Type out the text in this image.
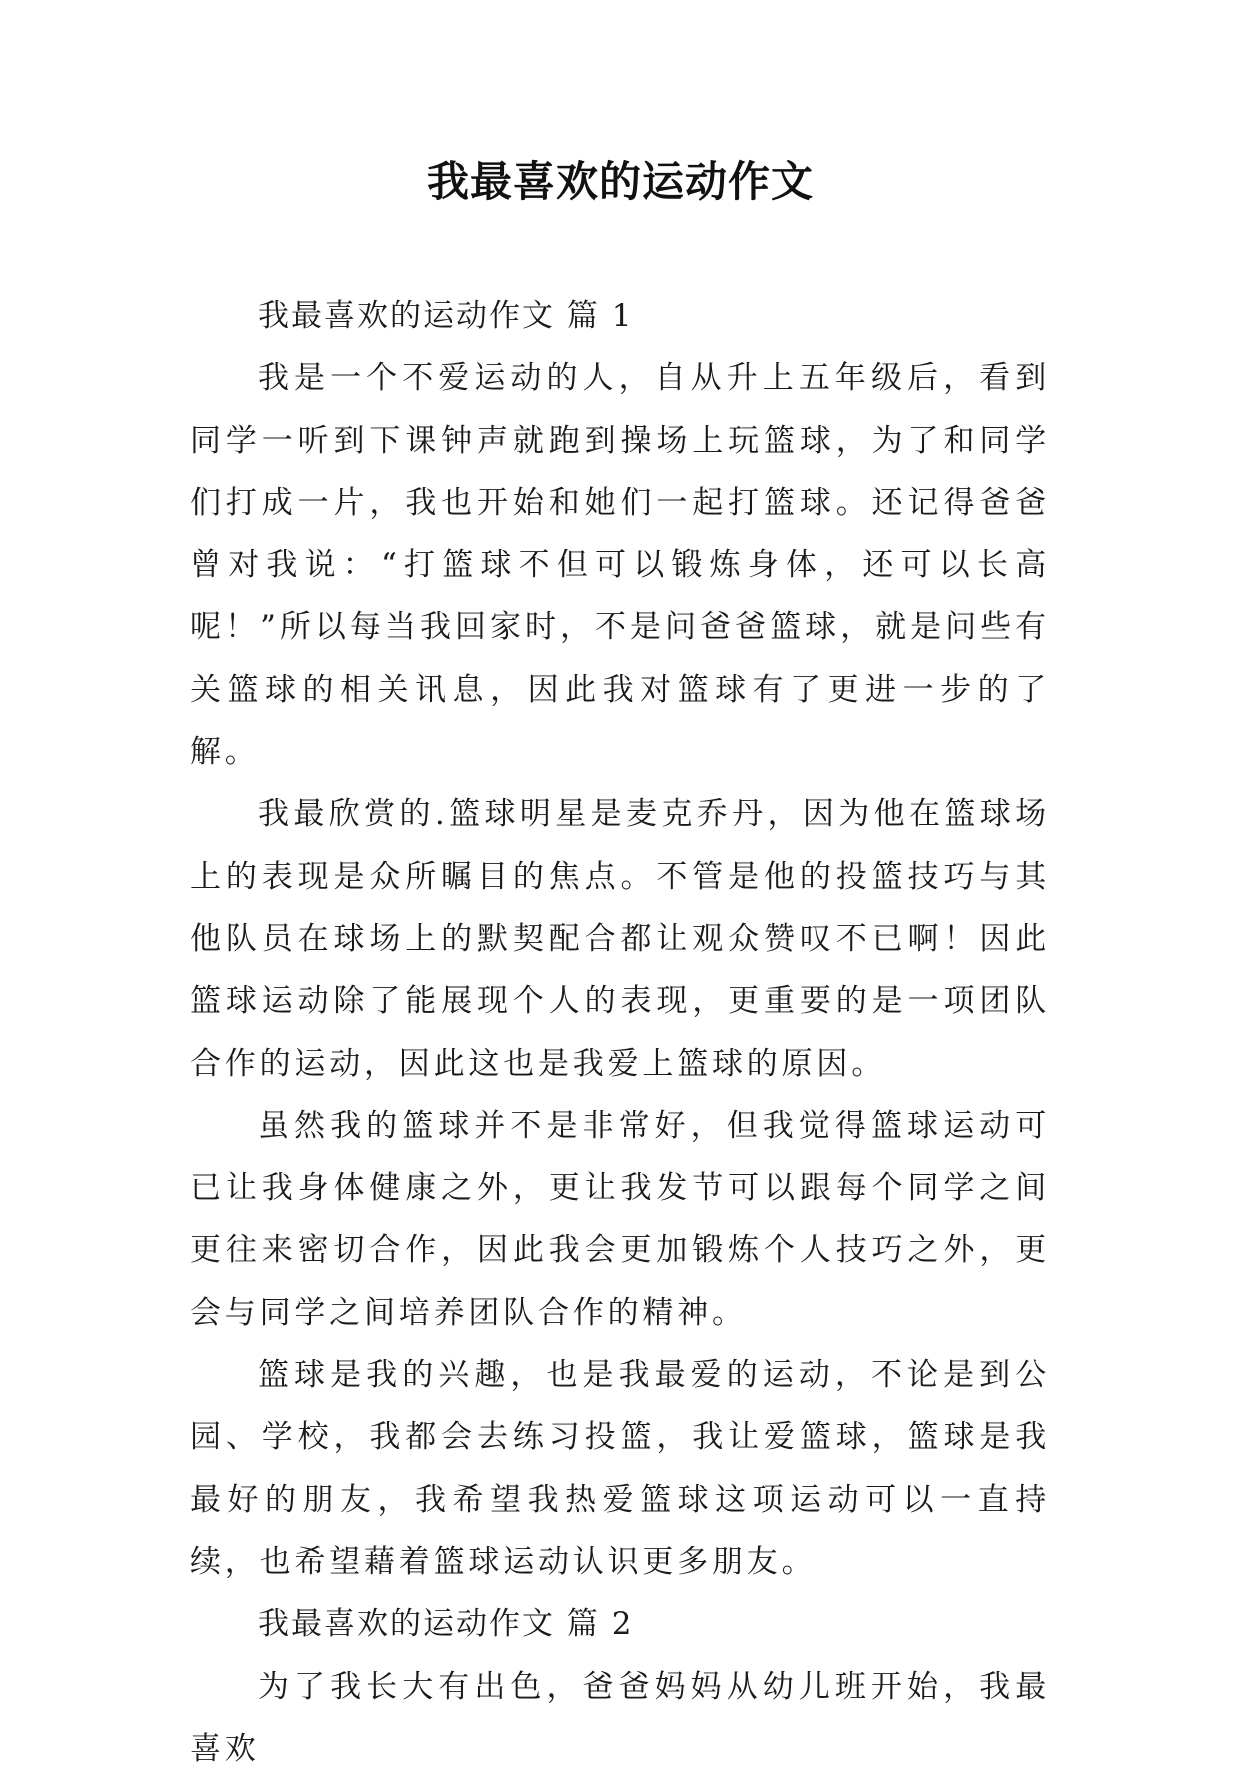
我最喜欢的运动作文

我最喜欢的运动作文 篇 1

我是一个不爱运动的人，自从升上五年级后，看到同学一听到下课钟声就跑到操场上玩篮球，为了和同学们打成一片，我也开始和她们一起打篮球。还记得爸爸曾对我说：“打篮球不但可以锻炼身体，还可以长高呢！”所以每当我回家时，不是问爸爸篮球，就是问些有关篮球的相关讯息，因此我对篮球有了更进一步的了解。

我最欣赏的.篮球明星是麦克乔丹，因为他在篮球场上的表现是众所瞩目的焦点。不管是他的投篮技巧与其他队员在球场上的默契配合都让观众赞叹不已啊！因此篮球运动除了能展现个人的表现，更重要的是一项团队合作的运动，因此这也是我爱上篮球的原因。

虽然我的篮球并不是非常好，但我觉得篮球运动可已让我身体健康之外，更让我发节可以跟每个同学之间更往来密切合作，因此我会更加锻炼个人技巧之外，更会与同学之间培养团队合作的精神。

篮球是我的兴趣，也是我最爱的运动，不论是到公园、学校，我都会去练习投篮，我让爱篮球，篮球是我最好的朋友，我希望我热爱篮球这项运动可以一直持续，也希望藉着篮球运动认识更多朋友。

我最喜欢的运动作文 篇 2

为了我长大有出色，爸爸妈妈从幼儿班开始，我最喜欢
